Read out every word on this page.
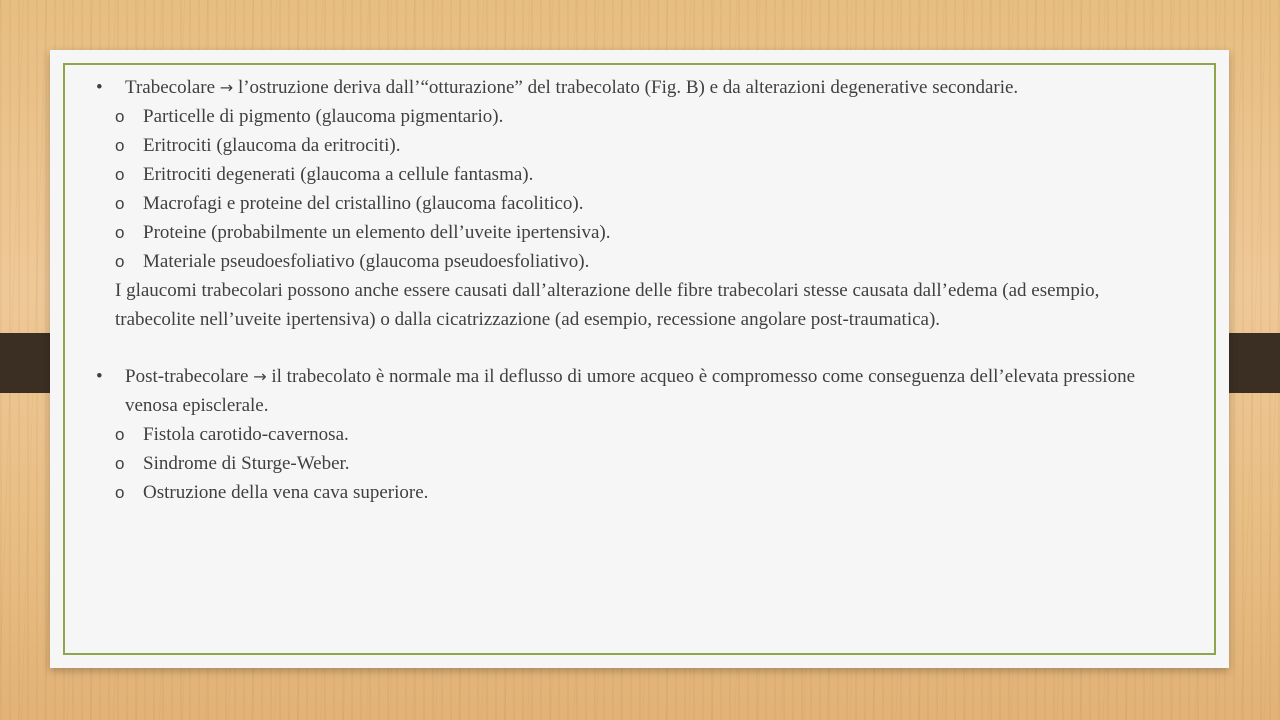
•
Trabecolare → l’ostruzione deriva dall’“otturazione” del trabecolato (Fig. B) e da alterazioni degenerative secondarie.
o Particelle di pigmento (glaucoma pigmentario).
o Eritrociti (glaucoma da eritrociti).
o Eritrociti degenerati (glaucoma a cellule fantasma).
o Macrofagi e proteine del cristallino (glaucoma facolitico).
o Proteine (probabilmente un elemento dell’uveite ipertensiva).
o Materiale pseudoesfoliativo (glaucoma pseudoesfoliativo).
I glaucomi trabecolari possono anche essere causati dall’alterazione delle fibre trabecolari stesse causata dall’edema (ad esempio, trabecolite nell’uveite ipertensiva) o dalla cicatrizzazione (ad esempio, recessione angolare post-traumatica).
•
Post-trabecolare → il trabecolato è normale ma il deflusso di umore acqueo è compromesso come conseguenza dell’elevata pressione venosa episclerale.
o Fistola carotido-cavernosa.
o Sindrome di Sturge-Weber.
o Ostruzione della vena cava superiore.
